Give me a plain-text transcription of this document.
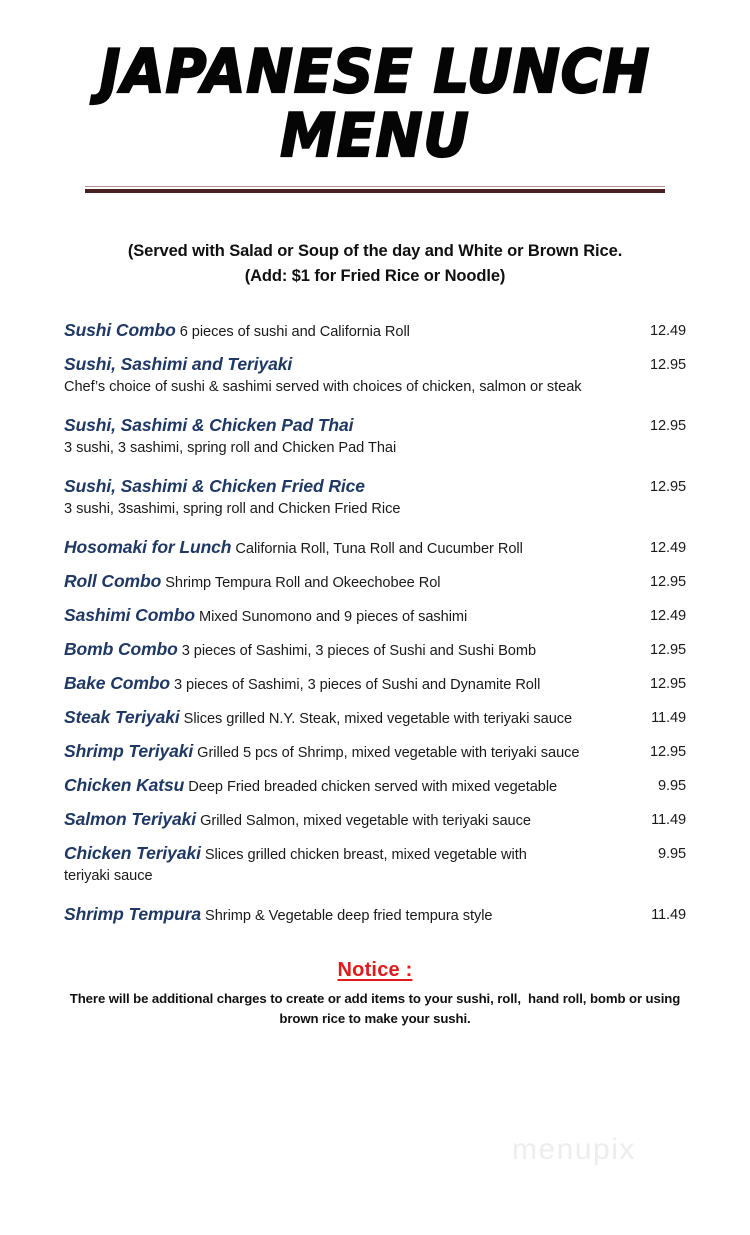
JAPANESE LUNCH
MENU
(Served with Salad or Soup of the day and White or Brown Rice.
(Add: $1 for Fried Rice or Noodle)
Sushi Combo 6 pieces of sushi and California Roll	12.49
Sushi, Sashimi and Teriyaki	12.95
Chef’s choice of sushi & sashimi served with choices of chicken, salmon or steak
Sushi, Sashimi & Chicken Pad Thai	12.95
3 sushi, 3 sashimi, spring roll and Chicken Pad Thai
Sushi, Sashimi & Chicken Fried Rice	12.95
3 sushi, 3sashimi, spring roll and Chicken Fried Rice
Hosomaki for Lunch California Roll, Tuna Roll and Cucumber Roll	12.49
Roll Combo Shrimp Tempura Roll and Okeechobee Rol	12.95
Sashimi Combo Mixed Sunomono and 9 pieces of sashimi	12.49
Bomb Combo 3 pieces of Sashimi, 3 pieces of Sushi and Sushi Bomb	12.95
Bake Combo 3 pieces of Sashimi, 3 pieces of Sushi and Dynamite Roll	12.95
Steak Teriyaki Slices grilled N.Y. Steak, mixed vegetable with teriyaki sauce	11.49
Shrimp Teriyaki Grilled 5 pcs of Shrimp, mixed vegetable with teriyaki sauce	12.95
Chicken Katsu Deep Fried breaded chicken served with mixed vegetable	9.95
Salmon Teriyaki Grilled Salmon, mixed vegetable with teriyaki sauce	11.49
Chicken Teriyaki Slices grilled chicken breast, mixed vegetable with	9.95
teriyaki sauce
Shrimp Tempura Shrimp & Vegetable deep fried tempura style	11.49
Notice :
There will be additional charges to create or add items to your sushi, roll,  hand roll, bomb or using brown rice to make your sushi.
menupix
